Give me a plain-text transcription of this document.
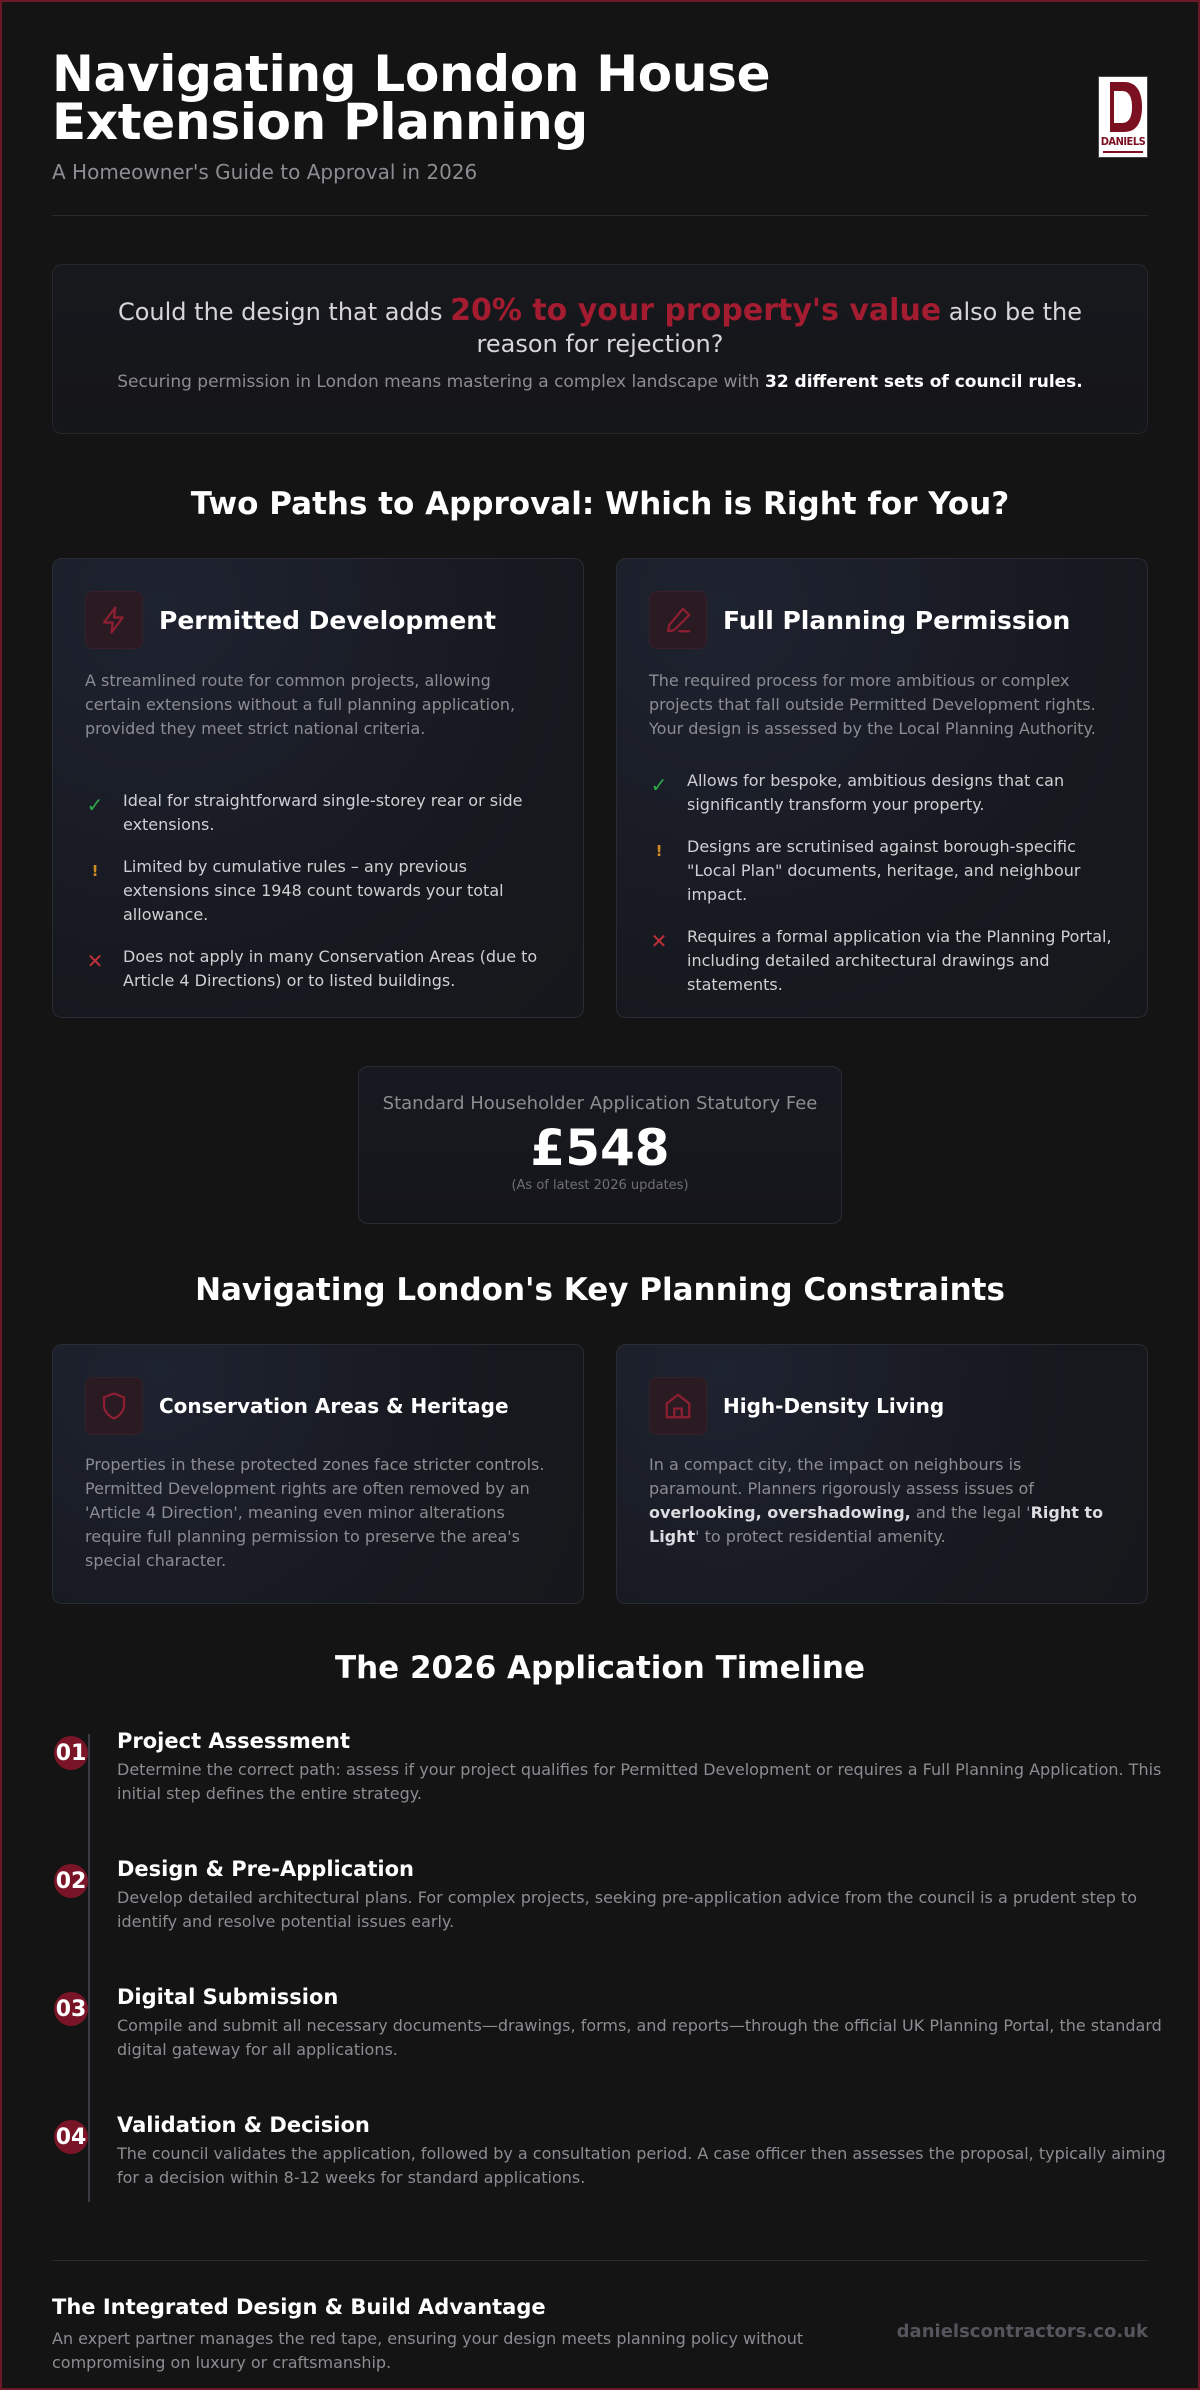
Navigating London House Extension Planning
A Homeowner's Guide to Approval in 2026
DANIELS

Could the design that adds 20% to your property's value also be the reason for rejection?

Securing permission in London means mastering a complex landscape with 32 different sets of council rules.

Two Paths to Approval: Which is Right for You?
Permitted Development

A streamlined route for common projects, allowing certain extensions without a full planning application, provided they meet strict national criteria.

✓ Ideal for straightforward single-storey rear or side extensions.
!	Limited by cumulative rules – any previous extensions since 1948 count towards your total allowance.
✕ Does not apply in many Conservation Areas (due to Article 4 Directions) or to listed buildings.
Full Planning Permission

The required process for more ambitious or complex projects that fall outside Permitted Development rights. Your design is assessed by the Local Planning Authority.

✓ Allows for bespoke, ambitious designs that can significantly transform your property.
!	Designs are scrutinised against borough-specific "Local Plan" documents, heritage, and neighbour impact.
✕ Requires a formal application via the Planning Portal, including detailed architectural drawings and statements.
Standard Householder Application Statutory Fee
£548
(As of latest 2026 updates)
Navigating London's Key Planning Constraints
Conservation Areas & Heritage

Properties in these protected zones face stricter controls. Permitted Development rights are often removed by an 'Article 4 Direction', meaning even minor alterations require full planning permission to preserve the area's special character.

High-Density Living

In a compact city, the impact on neighbours is paramount. Planners rigorously assess issues of overlooking, overshadowing, and the legal 'Right to Light' to protect residential amenity.

The 2026 Application Timeline
01 Project Assessment
Determine the correct path: assess if your project qualifies for Permitted Development or requires a Full Planning Application. This initial step defines the entire strategy.
02 Design & Pre-Application
Develop detailed architectural plans. For complex projects, seeking pre-application advice from the council is a prudent step to identify and resolve potential issues early.
03 Digital Submission
Compile and submit all necessary documents—drawings, forms, and reports—through the official UK Planning Portal, the standard digital gateway for all applications.
04 Validation & Decision
The council validates the application, followed by a consultation period. A case officer then assesses the proposal, typically aiming for a decision within 8-12 weeks for standard applications.
The Integrated Design & Build Advantage
An expert partner manages the red tape, ensuring your design meets planning policy without compromising on luxury or craftsmanship.
danielscontractors.co.uk
